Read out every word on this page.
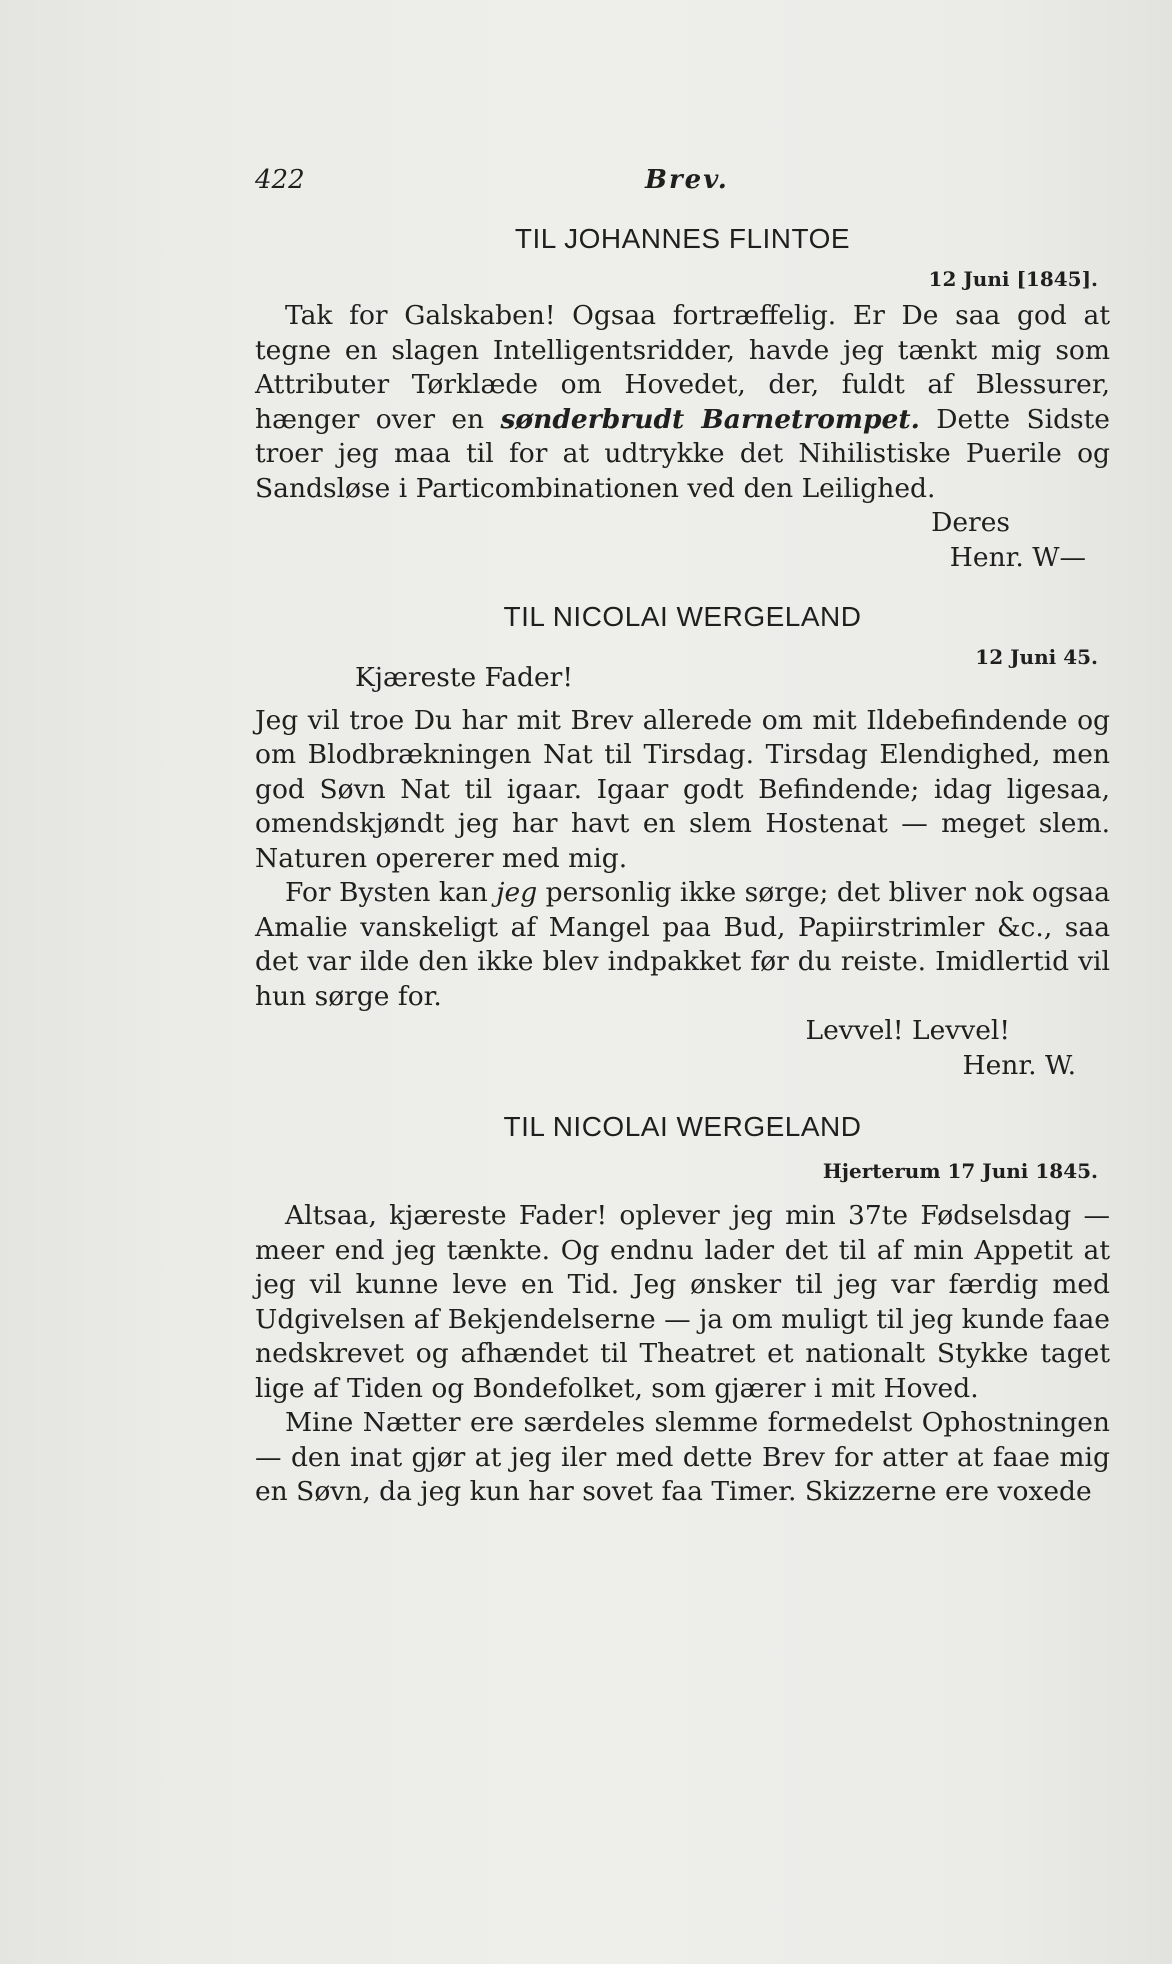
422	Brev.
TIL JOHANNES FLINTOE
12 Juni [1845].

Tak for Galskaben! Ogsaa fortræffelig. Er De saa god at tegne en slagen Intelligentsridder, havde jeg tænkt mig som Attributer Tørklæde om Hovedet, der, fuldt af Blessurer, hænger over en sønderbrudt Barnetrompet. Dette Sidste troer jeg maa til for at udtrykke det Nihilistiske Puerile og Sandsløse i Particombinationen ved den Leilighed.

Deres
Henr. W—
TIL NICOLAI WERGELAND
12 Juni 45.
Kjæreste Fader!

Jeg vil troe Du har mit Brev allerede om mit Ildebefindende og om Blodbrækningen Nat til Tirsdag. Tirsdag Elendighed, men god Søvn Nat til igaar. Igaar godt Befindende; idag ligesaa, omendskjøndt jeg har havt en slem Hostenat — meget slem. Naturen opererer med mig.

For Bysten kan jeg personlig ikke sørge; det bliver nok ogsaa Amalie vanskeligt af Mangel paa Bud, Papiirstrimler &c., saa det var ilde den ikke blev indpakket før du reiste. Imidlertid vil hun sørge for.

Levvel! Levvel!
Henr. W.
TIL NICOLAI WERGELAND
Hjerterum 17 Juni 1845.

Altsaa, kjæreste Fader! oplever jeg min 37te Fødselsdag — meer end jeg tænkte. Og endnu lader det til af min Appetit at jeg vil kunne leve en Tid. Jeg ønsker til jeg var færdig med Udgivelsen af Bekjendelserne — ja om muligt til jeg kunde faae nedskrevet og afhændet til Theatret et nationalt Stykke taget lige af Tiden og Bondefolket, som gjærer i mit Hoved.

Mine Nætter ere særdeles slemme formedelst Ophostningen — den inat gjør at jeg iler med dette Brev for atter at faae mig en Søvn, da jeg kun har sovet faa Timer. Skizzerne ere voxede
